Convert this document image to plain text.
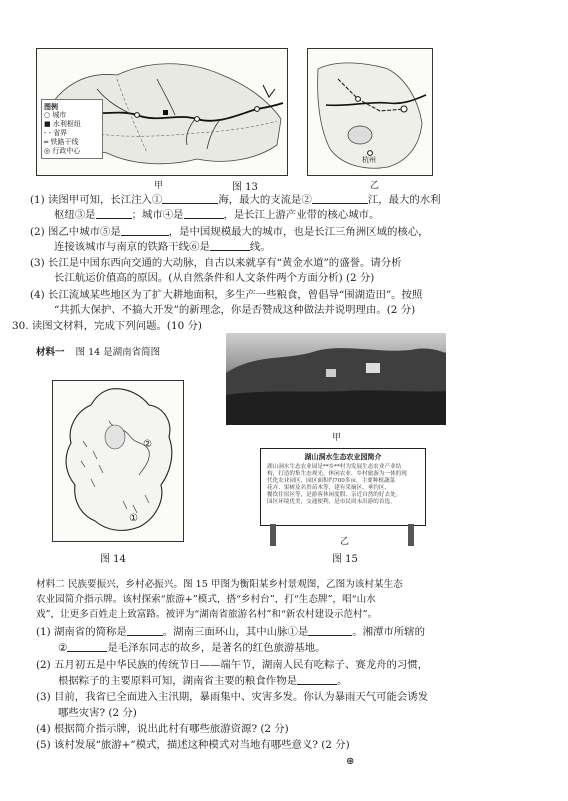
图例
○ 城市
■ 水利枢纽
- - 省界
═ 铁路干线
◎ 行政中心
甲
杭州
乙
图 13
(1) 读图甲可知，长江注入①	海，最大的支流是②	江，最大的水利
枢纽③是	；城市④是	，是长江上游产业带的核心城市。
(2) 图乙中城市⑤是	，是中国规模最大的城市，也是长江三角洲区域的核心，
连接该城市与南京的铁路干线⑥是	线。
(3) 长江是中国东西向交通的大动脉，自古以来就享有“黄金水道”的盛誉。请分析
长江航运价值高的原因。(从自然条件和人文条件两个方面分析) (2 分)
(4) 长江流域某些地区为了扩大耕地面积，多生产一些粮食，曾倡导“围湖造田”。按照
“共抓大保护、不搞大开发”的新理念，你是否赞成这种做法并说明理由。(2 分)
30. 读图文材料，完成下列问题。(10 分)
材料一 图 14 是湖南省简图
②
①
图 14
甲
湖山洞水生态农业园简介
湖山洞水生态农业园是**乡**村为发展生态农业产业结
构，打造的集生态观光、休闲农业、乡村旅游为一体的现
代化农业园区，园区面积约700多亩，主要种植蔬菜
花卉、果树及名贵苗木等，建有采摘区、垂钓区、
餐饮住宿区等，是游客休闲度假、亲近自然的好去处。
园区环境优美，交通便利，是市民周末出游的首选。
乙
图 15
材料二 民族要振兴，乡村必振兴。图 15 甲图为衡阳某乡村景观图，乙图为该村某生态
农业园简介指示牌。该村探索“旅游+”模式，搭“乡村台”，打“生态牌”，唱“山水
戏”，让更多百姓走上致富路。被评为“湖南省旅游名村”和“新农村建设示范村”。
(1) 湖南省的简称是	。湖南三面环山，其中山脉①是	。湘潭市所辖的
②	是毛泽东同志的故乡，是著名的红色旅游基地。
(2) 五月初五是中华民族的传统节日——端午节，湖南人民有吃粽子、赛龙舟的习惯，
根据粽子的主要原料可知，湖南省主要的粮食作物是	。
(3) 目前，我省已全面进入主汛期，暴雨集中、灾害多发。你认为暴雨天气可能会诱发
哪些灾害? (2 分)
(4) 根据简介指示牌，说出此村有哪些旅游资源? (2 分)
(5) 该村发展“旅游+”模式，描述这种模式对当地有哪些意义? (2 分)
⊛
